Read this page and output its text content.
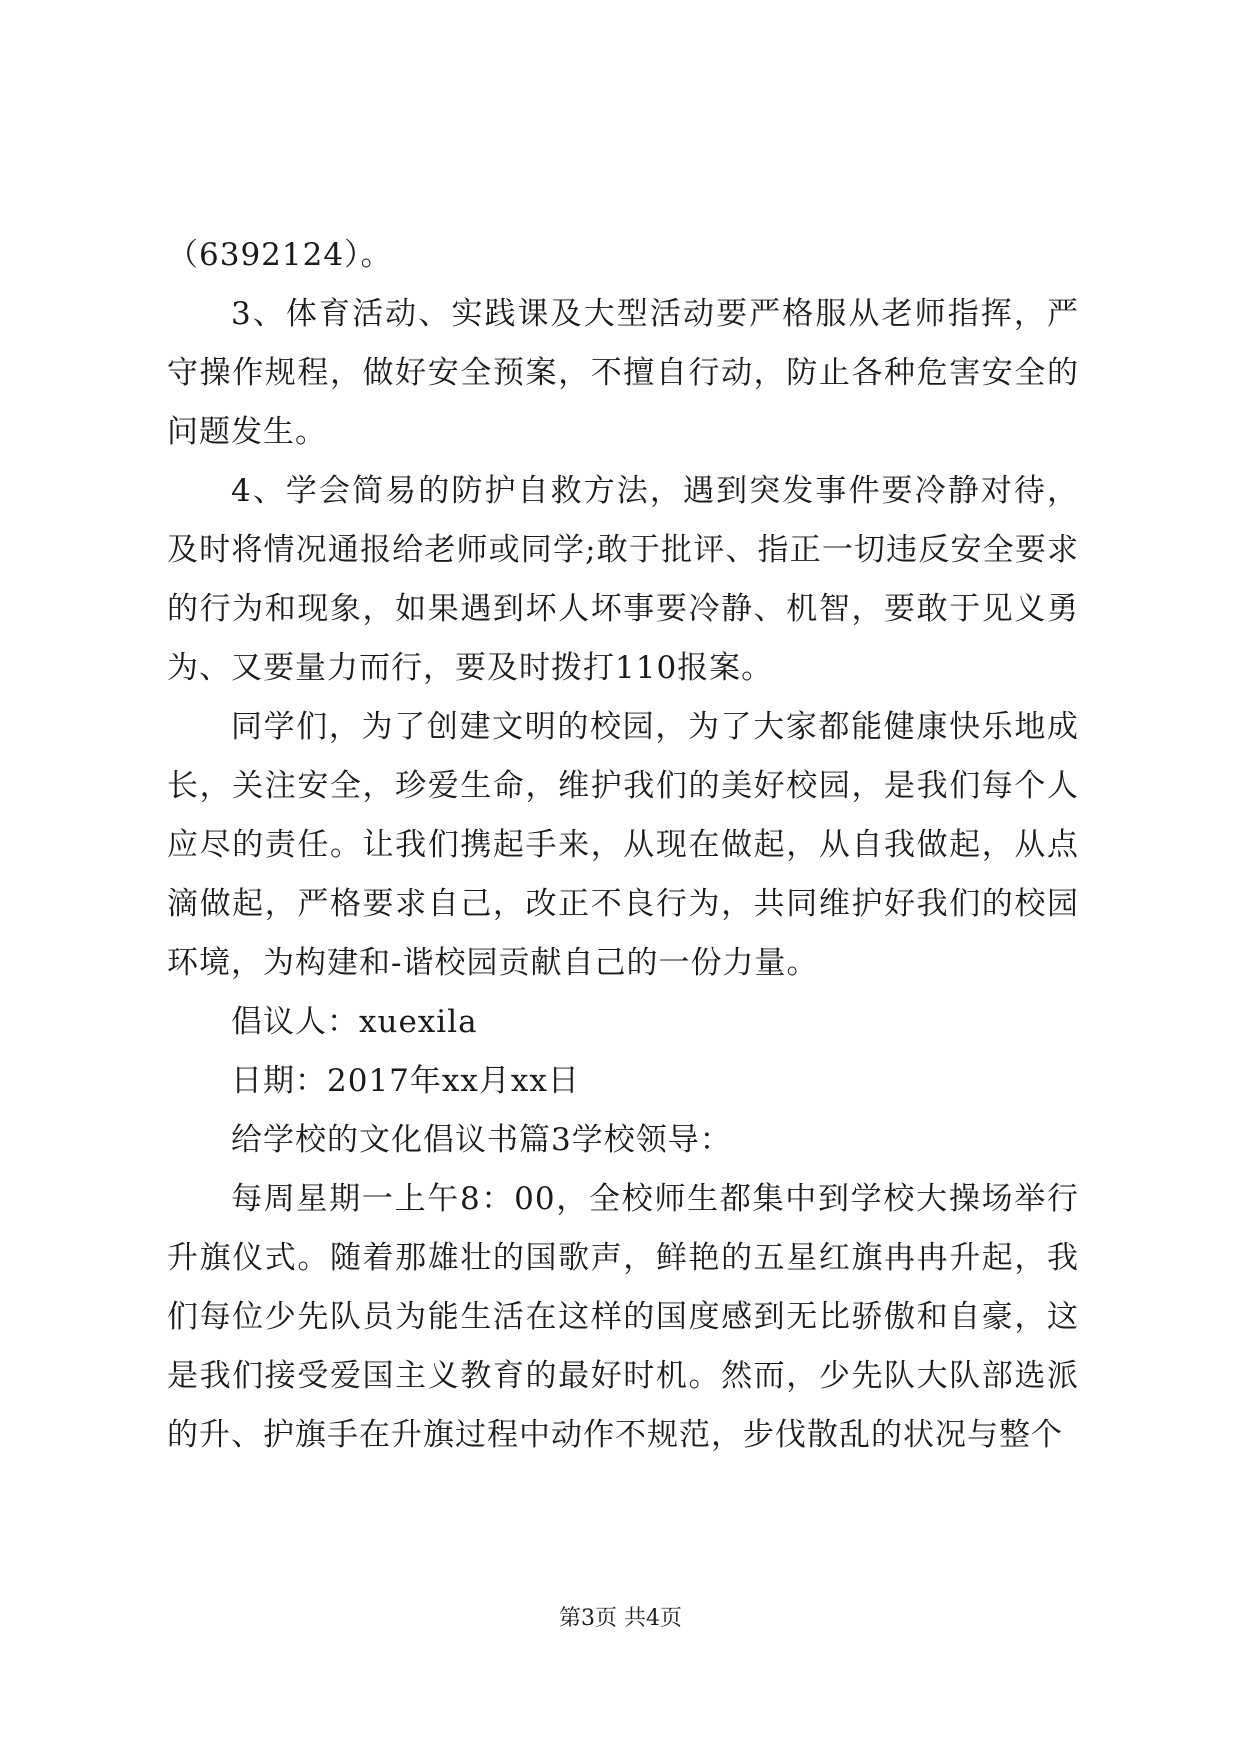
（6392124）。

3、体育活动、实践课及大型活动要严格服从老师指挥，严守操作规程，做好安全预案，不擅自行动，防止各种危害安全的问题发生。

4、学会简易的防护自救方法，遇到突发事件要冷静对待，及时将情况通报给老师或同学;敢于批评、指正一切违反安全要求的行为和现象，如果遇到坏人坏事要冷静、机智，要敢于见义勇为、又要量力而行，要及时拨打110报案。

同学们，为了创建文明的校园，为了大家都能健康快乐地成长，关注安全，珍爱生命，维护我们的美好校园，是我们每个人应尽的责任。让我们携起手来，从现在做起，从自我做起，从点滴做起，严格要求自己，改正不良行为，共同维护好我们的校园环境，为构建和-谐校园贡献自己的一份力量。

倡议人：xuexila

日期：2017年xx月xx日

给学校的文化倡议书篇3学校领导：

每周星期一上午8：00，全校师生都集中到学校大操场举行升旗仪式。随着那雄壮的国歌声，鲜艳的五星红旗冉冉升起，我们每位少先队员为能生活在这样的国度感到无比骄傲和自豪，这是我们接受爱国主义教育的最好时机。然而，少先队大队部选派的升、护旗手在升旗过程中动作不规范，步伐散乱的状况与整个

第3页 共4页
